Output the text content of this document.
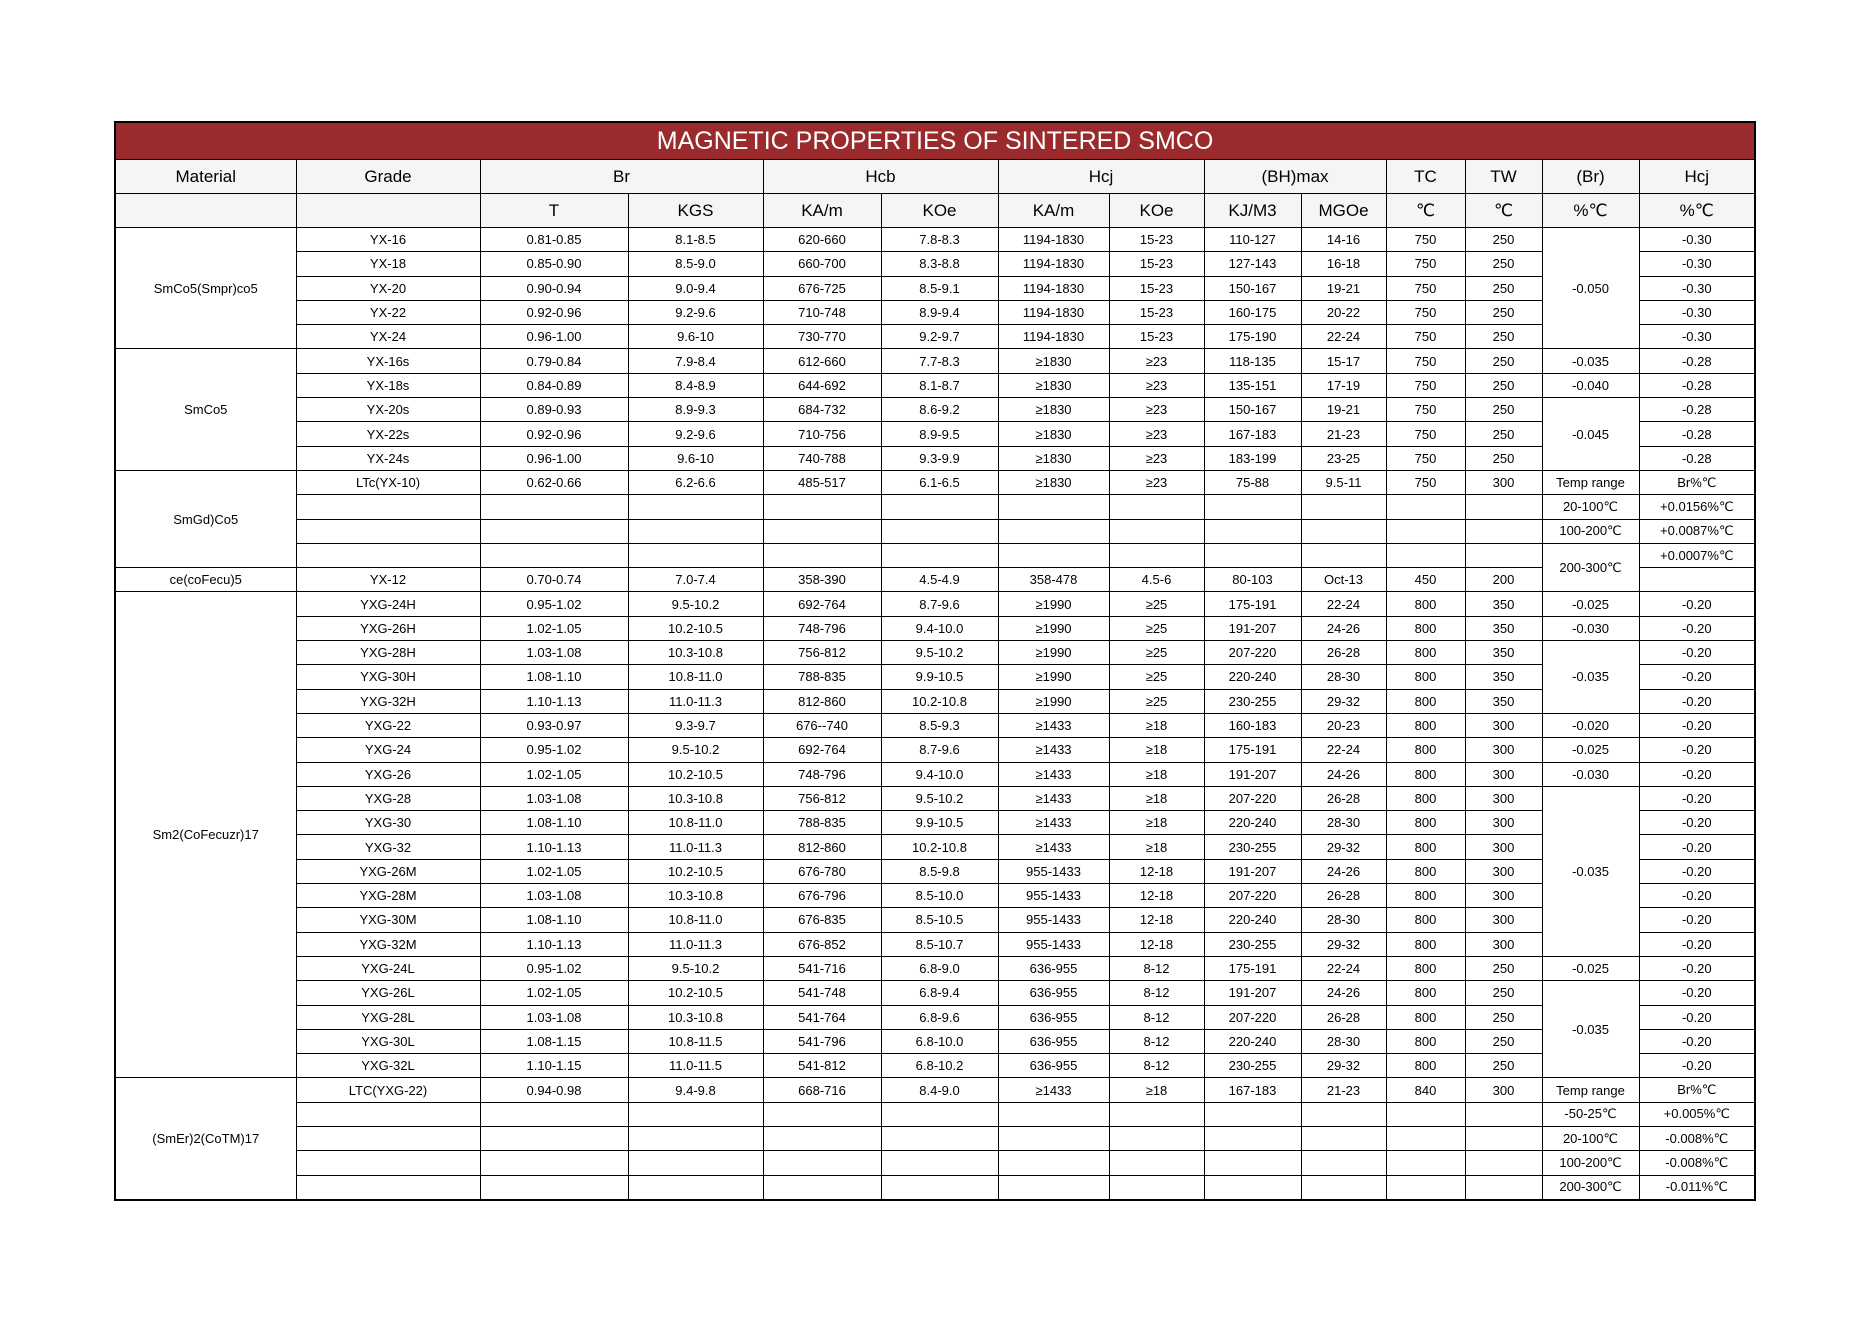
MAGNETIC PROPERTIES OF SINTERED SMCO													
Material	Grade	Br		Hcb		Hcj		(BH)max		TC	TW	(Br)	Hcj
		T	KGS	KA/m	KOe	KA/m	KOe	KJ/M3	MGOe	℃	℃	%℃	%℃
SmCo5(Smpr)co5	YX-16	0.81-0.85	8.1-8.5	620-660	7.8-8.3	1194-1830	15-23	110-127	14-16	750	250	-0.050	-0.30
	YX-18	0.85-0.90	8.5-9.0	660-700	8.3-8.8	1194-1830	15-23	127-143	16-18	750	250		-0.30
	YX-20	0.90-0.94	9.0-9.4	676-725	8.5-9.1	1194-1830	15-23	150-167	19-21	750	250		-0.30
	YX-22	0.92-0.96	9.2-9.6	710-748	8.9-9.4	1194-1830	15-23	160-175	20-22	750	250		-0.30
	YX-24	0.96-1.00	9.6-10	730-770	9.2-9.7	1194-1830	15-23	175-190	22-24	750	250		-0.30
SmCo5	YX-16s	0.79-0.84	7.9-8.4	612-660	7.7-8.3	≥1830	≥23	118-135	15-17	750	250	-0.035	-0.28
	YX-18s	0.84-0.89	8.4-8.9	644-692	8.1-8.7	≥1830	≥23	135-151	17-19	750	250	-0.040	-0.28
	YX-20s	0.89-0.93	8.9-9.3	684-732	8.6-9.2	≥1830	≥23	150-167	19-21	750	250	-0.045	-0.28
	YX-22s	0.92-0.96	9.2-9.6	710-756	8.9-9.5	≥1830	≥23	167-183	21-23	750	250		-0.28
	YX-24s	0.96-1.00	9.6-10	740-788	9.3-9.9	≥1830	≥23	183-199	23-25	750	250		-0.28
SmGd)Co5	LTc(YX-10)	0.62-0.66	6.2-6.6	485-517	6.1-6.5	≥1830	≥23	75-88	9.5-11	750	300	Temp range	Br%℃
												20-100℃	+0.0156%℃
												100-200℃	+0.0087%℃
												200-300℃	+0.0007%℃
ce(coFecu)5	YX-12	0.70-0.74	7.0-7.4	358-390	4.5-4.9	358-478	4.5-6	80-103	Oct-13	450	200		
Sm2(CoFecuzr)17	YXG-24H	0.95-1.02	9.5-10.2	692-764	8.7-9.6	≥1990	≥25	175-191	22-24	800	350	-0.025	-0.20
	YXG-26H	1.02-1.05	10.2-10.5	748-796	9.4-10.0	≥1990	≥25	191-207	24-26	800	350	-0.030	-0.20
	YXG-28H	1.03-1.08	10.3-10.8	756-812	9.5-10.2	≥1990	≥25	207-220	26-28	800	350	-0.035	-0.20
	YXG-30H	1.08-1.10	10.8-11.0	788-835	9.9-10.5	≥1990	≥25	220-240	28-30	800	350		-0.20
	YXG-32H	1.10-1.13	11.0-11.3	812-860	10.2-10.8	≥1990	≥25	230-255	29-32	800	350		-0.20
	YXG-22	0.93-0.97	9.3-9.7	676--740	8.5-9.3	≥1433	≥18	160-183	20-23	800	300	-0.020	-0.20
	YXG-24	0.95-1.02	9.5-10.2	692-764	8.7-9.6	≥1433	≥18	175-191	22-24	800	300	-0.025	-0.20
	YXG-26	1.02-1.05	10.2-10.5	748-796	9.4-10.0	≥1433	≥18	191-207	24-26	800	300	-0.030	-0.20
	YXG-28	1.03-1.08	10.3-10.8	756-812	9.5-10.2	≥1433	≥18	207-220	26-28	800	300	-0.035	-0.20
	YXG-30	1.08-1.10	10.8-11.0	788-835	9.9-10.5	≥1433	≥18	220-240	28-30	800	300		-0.20
	YXG-32	1.10-1.13	11.0-11.3	812-860	10.2-10.8	≥1433	≥18	230-255	29-32	800	300		-0.20
	YXG-26M	1.02-1.05	10.2-10.5	676-780	8.5-9.8	955-1433	12-18	191-207	24-26	800	300		-0.20
	YXG-28M	1.03-1.08	10.3-10.8	676-796	8.5-10.0	955-1433	12-18	207-220	26-28	800	300		-0.20
	YXG-30M	1.08-1.10	10.8-11.0	676-835	8.5-10.5	955-1433	12-18	220-240	28-30	800	300		-0.20
	YXG-32M	1.10-1.13	11.0-11.3	676-852	8.5-10.7	955-1433	12-18	230-255	29-32	800	300		-0.20
	YXG-24L	0.95-1.02	9.5-10.2	541-716	6.8-9.0	636-955	8-12	175-191	22-24	800	250	-0.025	-0.20
	YXG-26L	1.02-1.05	10.2-10.5	541-748	6.8-9.4	636-955	8-12	191-207	24-26	800	250	-0.035	-0.20
	YXG-28L	1.03-1.08	10.3-10.8	541-764	6.8-9.6	636-955	8-12	207-220	26-28	800	250		-0.20
	YXG-30L	1.08-1.15	10.8-11.5	541-796	6.8-10.0	636-955	8-12	220-240	28-30	800	250		-0.20
	YXG-32L	1.10-1.15	11.0-11.5	541-812	6.8-10.2	636-955	8-12	230-255	29-32	800	250		-0.20
(SmEr)2(CoTM)17	LTC(YXG-22)	0.94-0.98	9.4-9.8	668-716	8.4-9.0	≥1433	≥18	167-183	21-23	840	300	Temp range	Br%℃
												-50-25℃	+0.005%℃
												20-100℃	-0.008%℃
												100-200℃	-0.008%℃
												200-300℃	-0.011%℃
